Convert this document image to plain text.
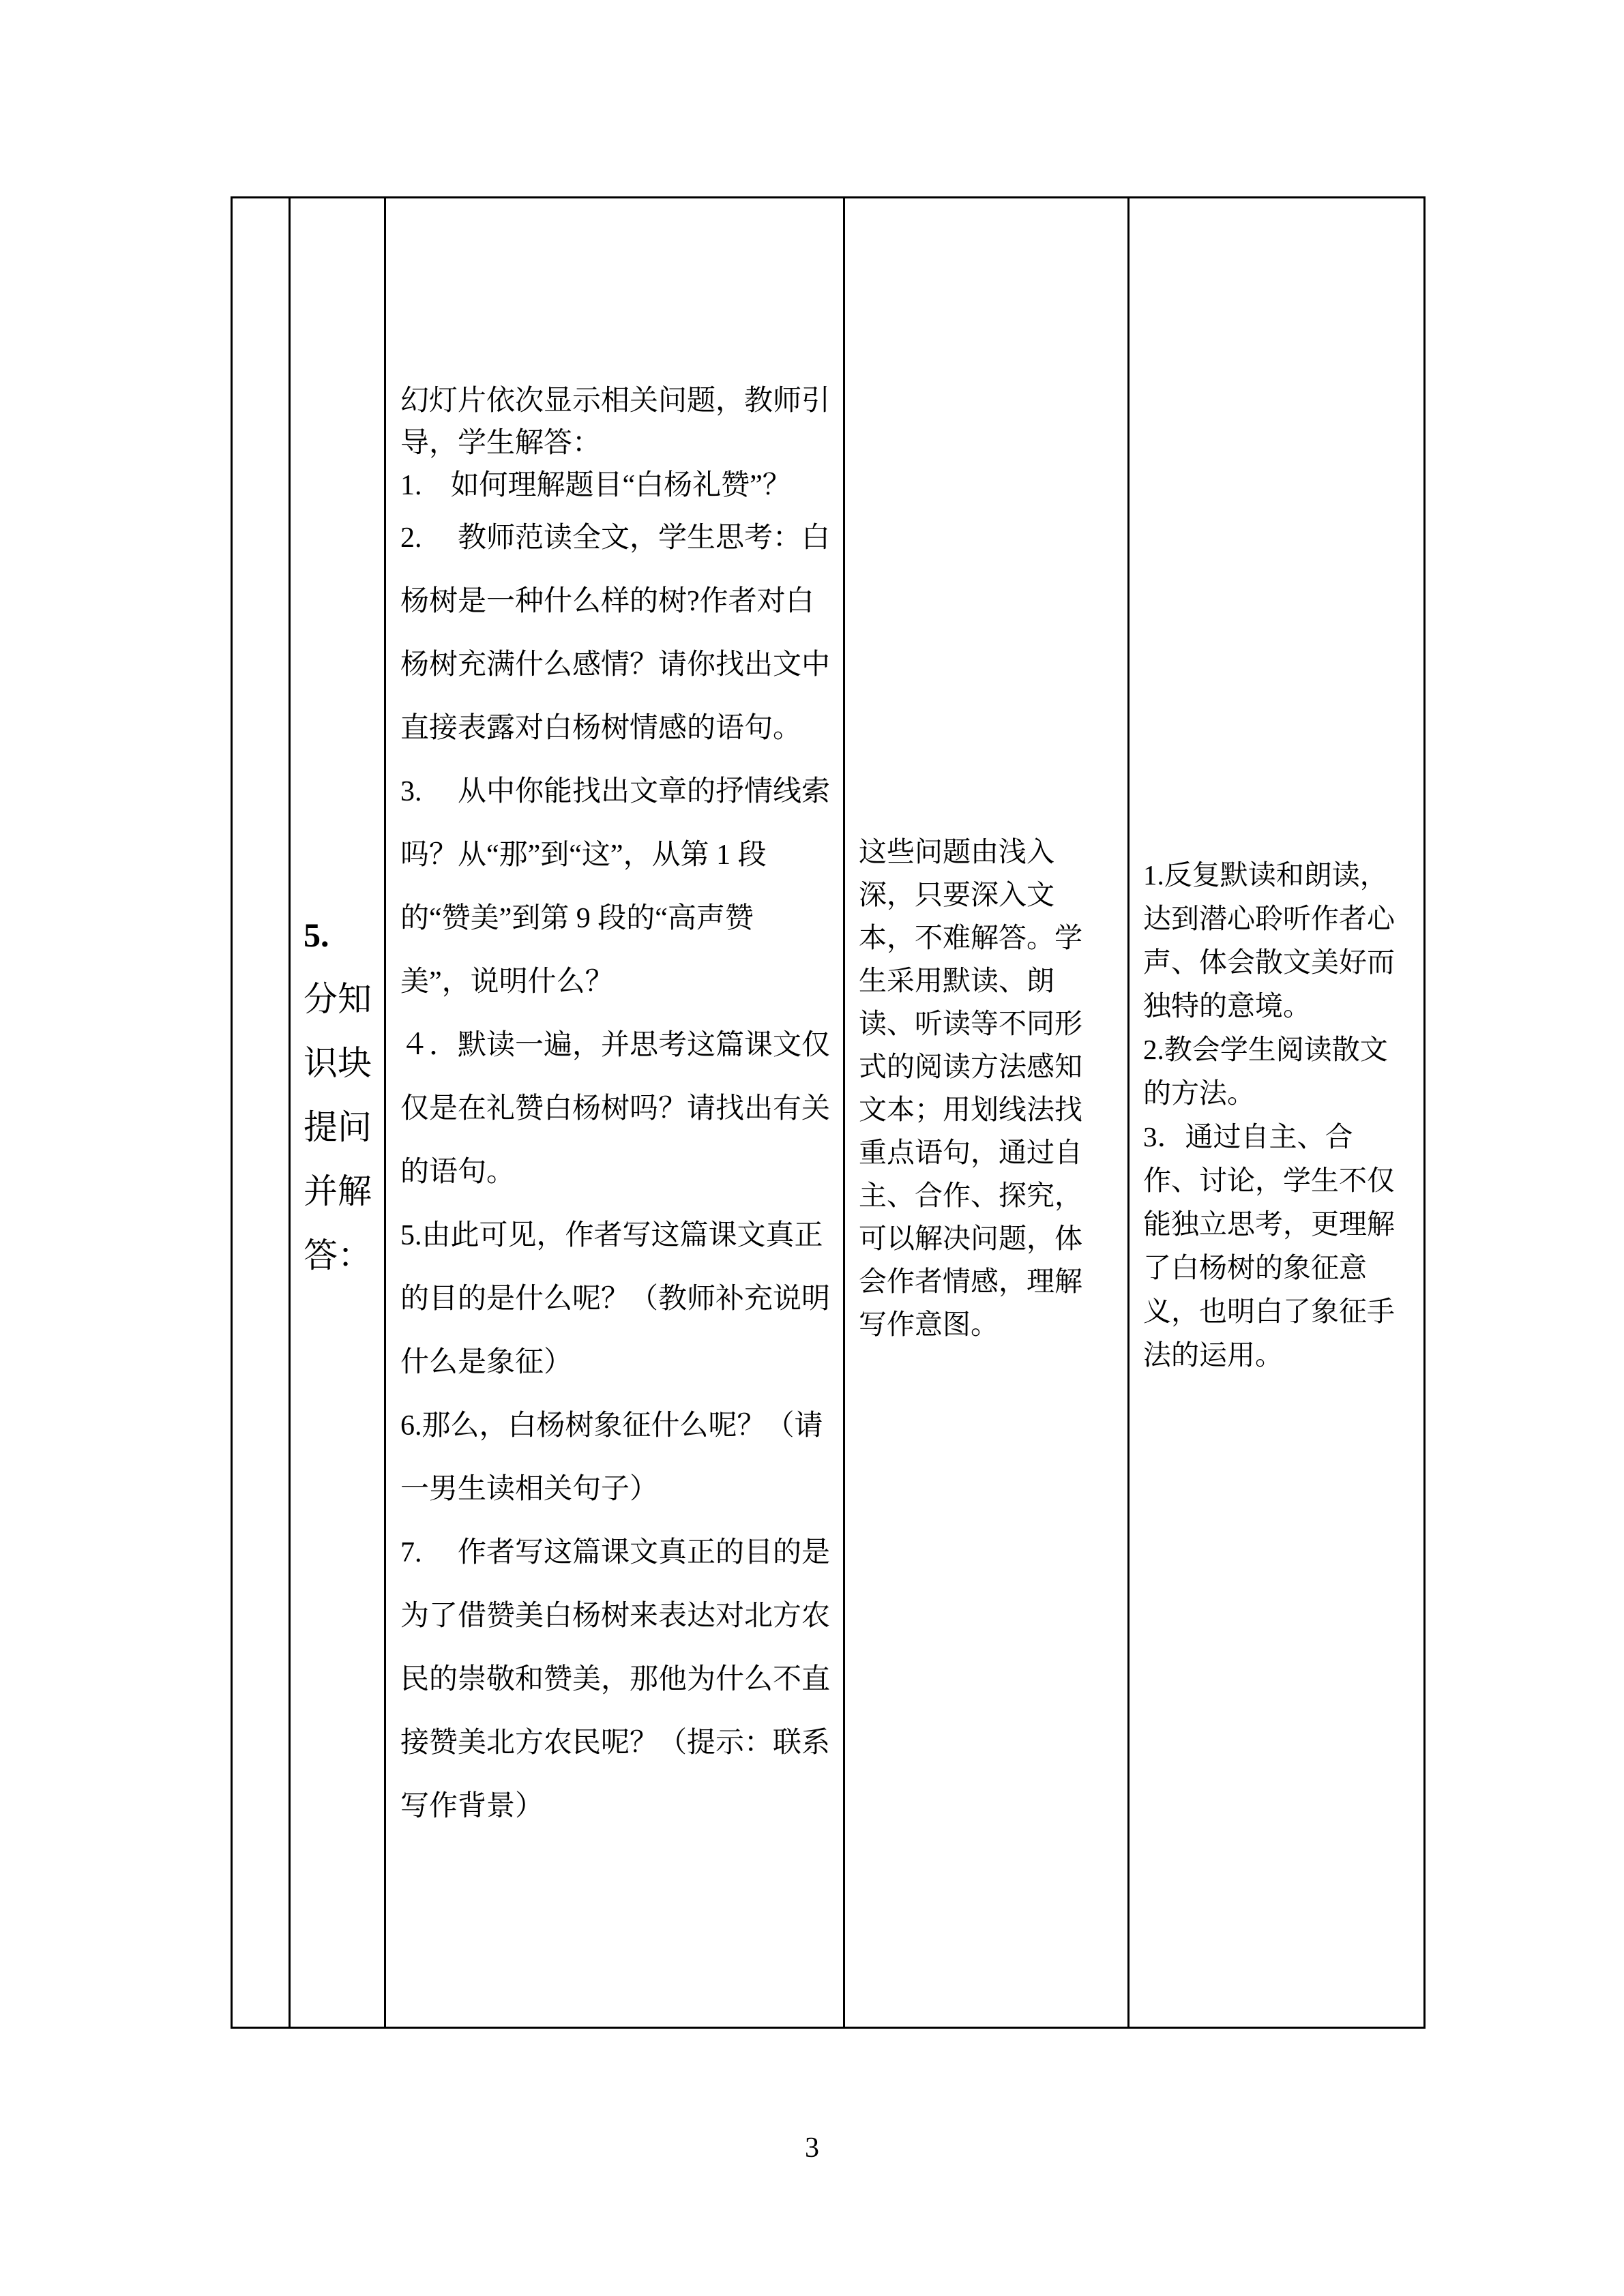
5.
分知
识块
提问
并解
答：
幻灯片依次显示相关问题，教师引
导，学生解答：
1.　如何理解题目“白杨礼赞”？
2.　 教师范读全文，学生思考：白
杨树是一种什么样的树?作者对白
杨树充满什么感情？请你找出文中
直接表露对白杨树情感的语句。
3.　 从中你能找出文章的抒情线索
吗？从“那”到“这”，从第 1 段
的“赞美”到第 9 段的“高声赞
美”，说明什么？
４．默读一遍，并思考这篇课文仅
仅是在礼赞白杨树吗？请找出有关
的语句。
5.由此可见，作者写这篇课文真正
的目的是什么呢？（教师补充说明
什么是象征）
6.那么，白杨树象征什么呢？（请
一男生读相关句子）
7.　 作者写这篇课文真正的目的是
为了借赞美白杨树来表达对北方农
民的崇敬和赞美，那他为什么不直
接赞美北方农民呢？（提示：联系
写作背景）
这些问题由浅入
深，只要深入文
本，不难解答。学
生采用默读、朗
读、听读等不同形
式的阅读方法感知
文本；用划线法找
重点语句，通过自
主、合作、探究，
可以解决问题，体
会作者情感，理解
写作意图。
1.反复默读和朗读，
达到潜心聆听作者心
声、体会散文美好而
独特的意境。
2.教会学生阅读散文
的方法。
3．通过自主、合
作、讨论，学生不仅
能独立思考，更理解
了白杨树的象征意
义，也明白了象征手
法的运用。
3
